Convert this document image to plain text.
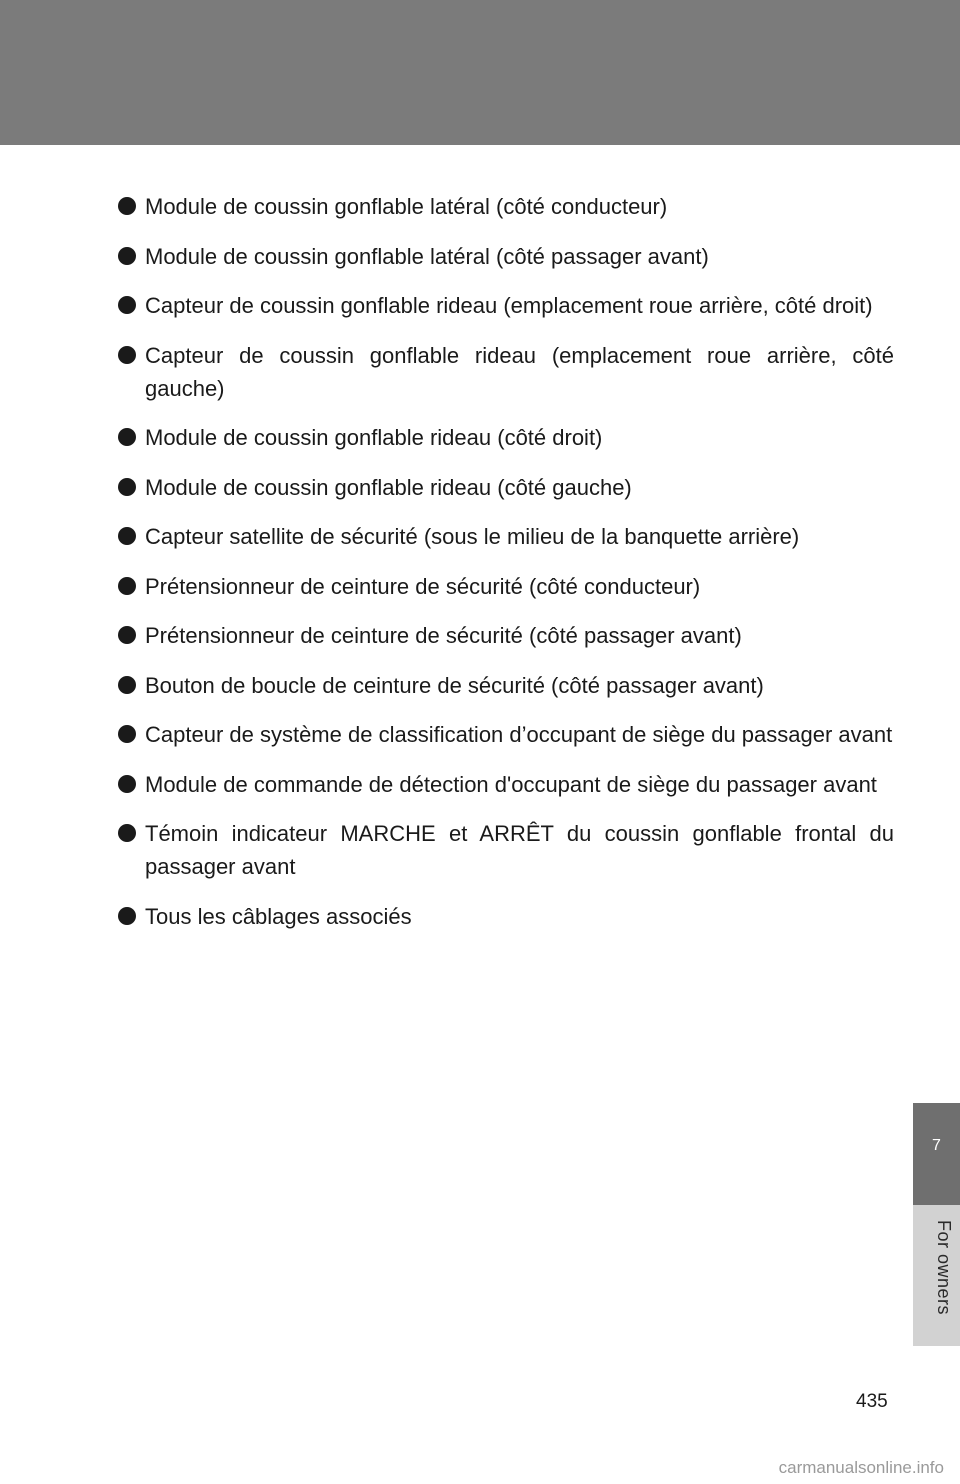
Module de coussin gonflable latéral (côté conducteur)
Module de coussin gonflable latéral (côté passager avant)
Capteur de coussin gonflable rideau (emplacement roue arrière, côté droit)
Capteur de coussin gonflable rideau (emplacement roue arrière, côté gauche)
Module de coussin gonflable rideau (côté droit)
Module de coussin gonflable rideau (côté gauche)
Capteur satellite de sécurité (sous le milieu de la banquette arrière)
Prétensionneur de ceinture de sécurité (côté conducteur)
Prétensionneur de ceinture de sécurité (côté passager avant)
Bouton de boucle de ceinture de sécurité (côté passager avant)
Capteur de système de classification d’occupant de siège du passager avant
Module de commande de détection d'occupant de siège du passager avant
Témoin indicateur MARCHE et ARRÊT du coussin gonflable frontal du passager avant
Tous les câblages associés
7
For owners
435
carmanualsonline.info
